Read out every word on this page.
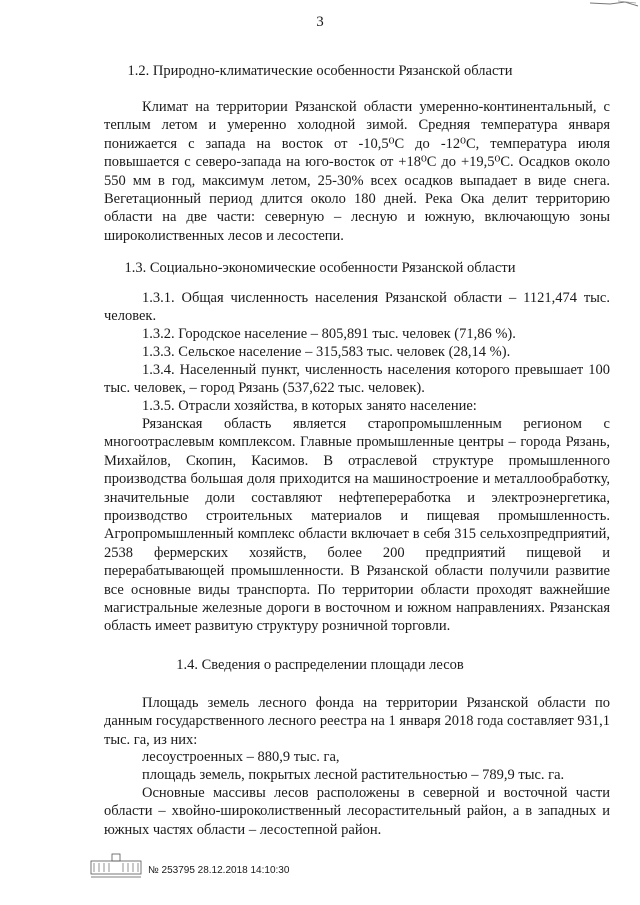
3
1.2. Природно-климатические особенности Рязанской области

Климат на территории Рязанской области умеренно-континентальный, с теплым летом и умеренно холодной зимой. Средняя температура января понижается с запада на восток от -10,5⁰С до -12⁰С, температура июля повышается с северо-запада на юго-восток от +18⁰С до +19,5⁰С. Осадков около 550 мм в год, максимум летом, 25-30% всех осадков выпадает в виде снега. Вегетационный период длится около 180 дней. Река Ока делит территорию области на две части: северную – лесную и южную, включающую зоны широколиственных лесов и лесостепи.

1.3. Социально-экономические особенности Рязанской области

1.3.1. Общая численность населения Рязанской области – 1121,474 тыс. человек.

1.3.2. Городское население – 805,891 тыс. человек (71,86 %).

1.3.3. Сельское население – 315,583 тыс. человек (28,14 %).

1.3.4. Населенный пункт, численность населения которого превышает 100 тыс. человек, – город Рязань (537,622 тыс. человек).

1.3.5. Отрасли хозяйства, в которых занято население:

Рязанская область является старопромышленным регионом с многоотраслевым комплексом. Главные промышленные центры – города Рязань, Михайлов, Скопин, Касимов. В отраслевой структуре промышленного производства большая доля приходится на машиностроение и металлообработку, значительные доли составляют нефтепереработка и электроэнергетика, производство строительных материалов и пищевая промышленность. Агропромышленный комплекс области включает в себя 315 сельхозпредприятий, 2538 фермерских хозяйств, более 200 предприятий пищевой и перерабатывающей промышленности. В Рязанской области получили развитие все основные виды транспорта. По территории области проходят важнейшие магистральные железные дороги в восточном и южном направлениях. Рязанская область имеет развитую структуру розничной торговли.

1.4. Сведения о распределении площади лесов

Площадь земель лесного фонда на территории Рязанской области по данным государственного лесного реестра на 1 января 2018 года составляет 931,1 тыс. га, из них:

лесоустроенных – 880,9 тыс. га,

площадь земель, покрытых лесной растительностью – 789,9 тыс. га.

Основные массивы лесов расположены в северной и восточной части области – хвойно-широколиственный лесорастительный район, а в западных и южных частях области – лесостепной район.

№ 253795 28.12.2018 14:10:30
